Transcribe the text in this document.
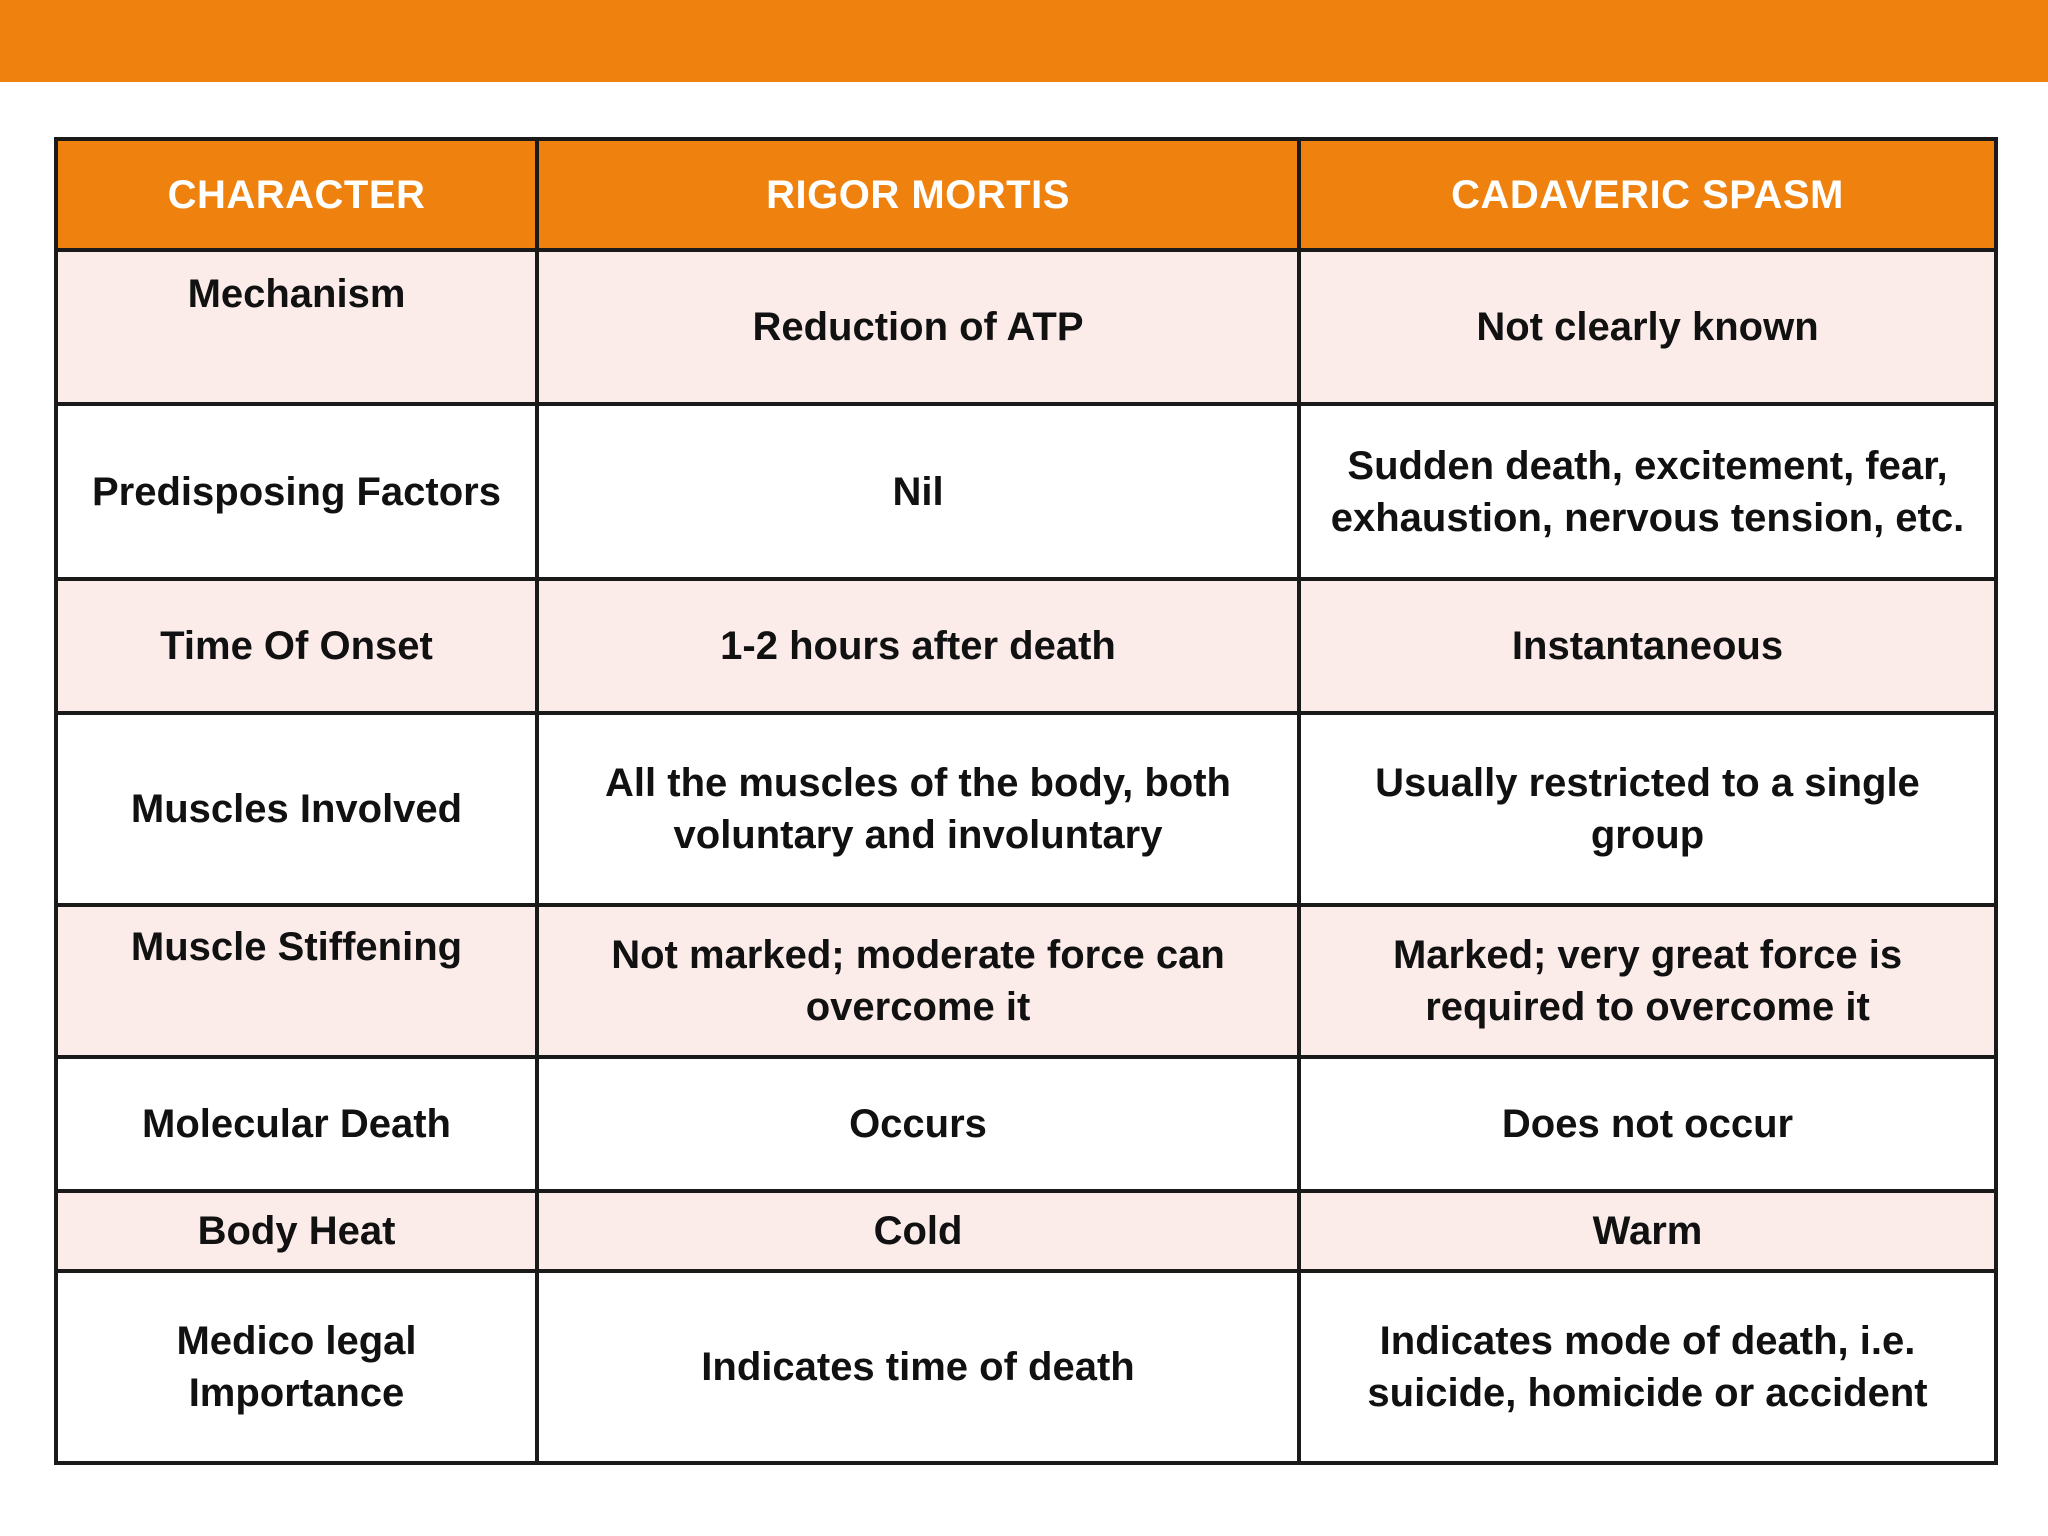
CHARACTER	RIGOR MORTIS	CADAVERIC SPASM
Mechanism	Reduction of ATP	Not clearly known
Predisposing Factors	Nil	Sudden death, excitement, fear, exhaustion, nervous tension, etc.
Time Of Onset	1-2 hours after death	Instantaneous
Muscles Involved	All the muscles of the body, both voluntary and involuntary	Usually restricted to a single group
Muscle Stiffening	Not marked; moderate force can overcome it	Marked; very great force is required to overcome it
Molecular Death	Occurs	Does not occur
Body Heat	Cold	Warm
Medico legal Importance	Indicates time of death	Indicates mode of death, i.e. suicide, homicide or accident
